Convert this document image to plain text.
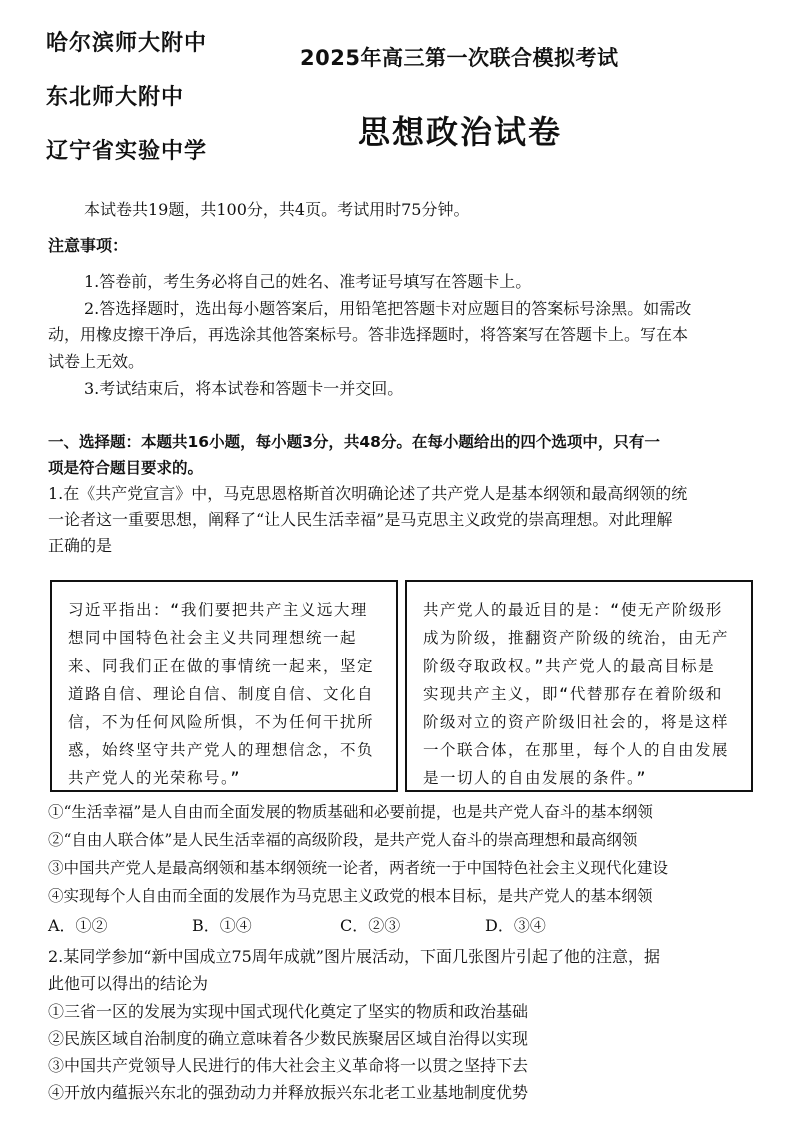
哈尔滨师大附中
东北师大附中
辽宁省实验中学
2025年高三第一次联合模拟考试
思想政治试卷
本试卷共19题，共100分，共4页。考试用时75分钟。
注意事项：
1.答卷前，考生务必将自己的姓名、准考证号填写在答题卡上。
2.答选择题时，选出每小题答案后，用铅笔把答题卡对应题目的答案标号涂黑。如需改
动，用橡皮擦干净后，再选涂其他答案标号。答非选择题时，将答案写在答题卡上。写在本
试卷上无效。
3.考试结束后，将本试卷和答题卡一并交回。
一、选择题：本题共16小题，每小题3分，共48分。在每小题给出的四个选项中，只有一
项是符合题目要求的。
1.在《共产党宣言》中，马克思恩格斯首次明确论述了共产党人是基本纲领和最高纲领的统
一论者这一重要思想，阐释了“让人民生活幸福”是马克思主义政党的崇高理想。对此理解
正确的是
习近平指出：“我们要把共产主义远大理
想同中国特色社会主义共同理想统一起
来、同我们正在做的事情统一起来，坚定
道路自信、理论自信、制度自信、文化自
信，不为任何风险所惧，不为任何干扰所
惑，始终坚守共产党人的理想信念，不负
共产党人的光荣称号。”
共产党人的最近目的是：“使无产阶级形
成为阶级，推翻资产阶级的统治，由无产
阶级夺取政权。”共产党人的最高目标是
实现共产主义，即“代替那存在着阶级和
阶级对立的资产阶级旧社会的，将是这样
一个联合体，在那里，每个人的自由发展
是一切人的自由发展的条件。”
①“生活幸福”是人自由而全面发展的物质基础和必要前提，也是共产党人奋斗的基本纲领
②“自由人联合体”是人民生活幸福的高级阶段，是共产党人奋斗的崇高理想和最高纲领
③中国共产党人是最高纲领和基本纲领统一论者，两者统一于中国特色社会主义现代化建设
④实现每个人自由而全面的发展作为马克思主义政党的根本目标，是共产党人的基本纲领
A．①②	B．①④	C．②③	D．③④
2.某同学参加“新中国成立75周年成就”图片展活动，下面几张图片引起了他的注意，据
此他可以得出的结论为
①三省一区的发展为实现中国式现代化奠定了坚实的物质和政治基础
②民族区域自治制度的确立意味着各少数民族聚居区域自治得以实现
③中国共产党领导人民进行的伟大社会主义革命将一以贯之坚持下去
④开放内蕴振兴东北的强劲动力并释放振兴东北老工业基地制度优势
